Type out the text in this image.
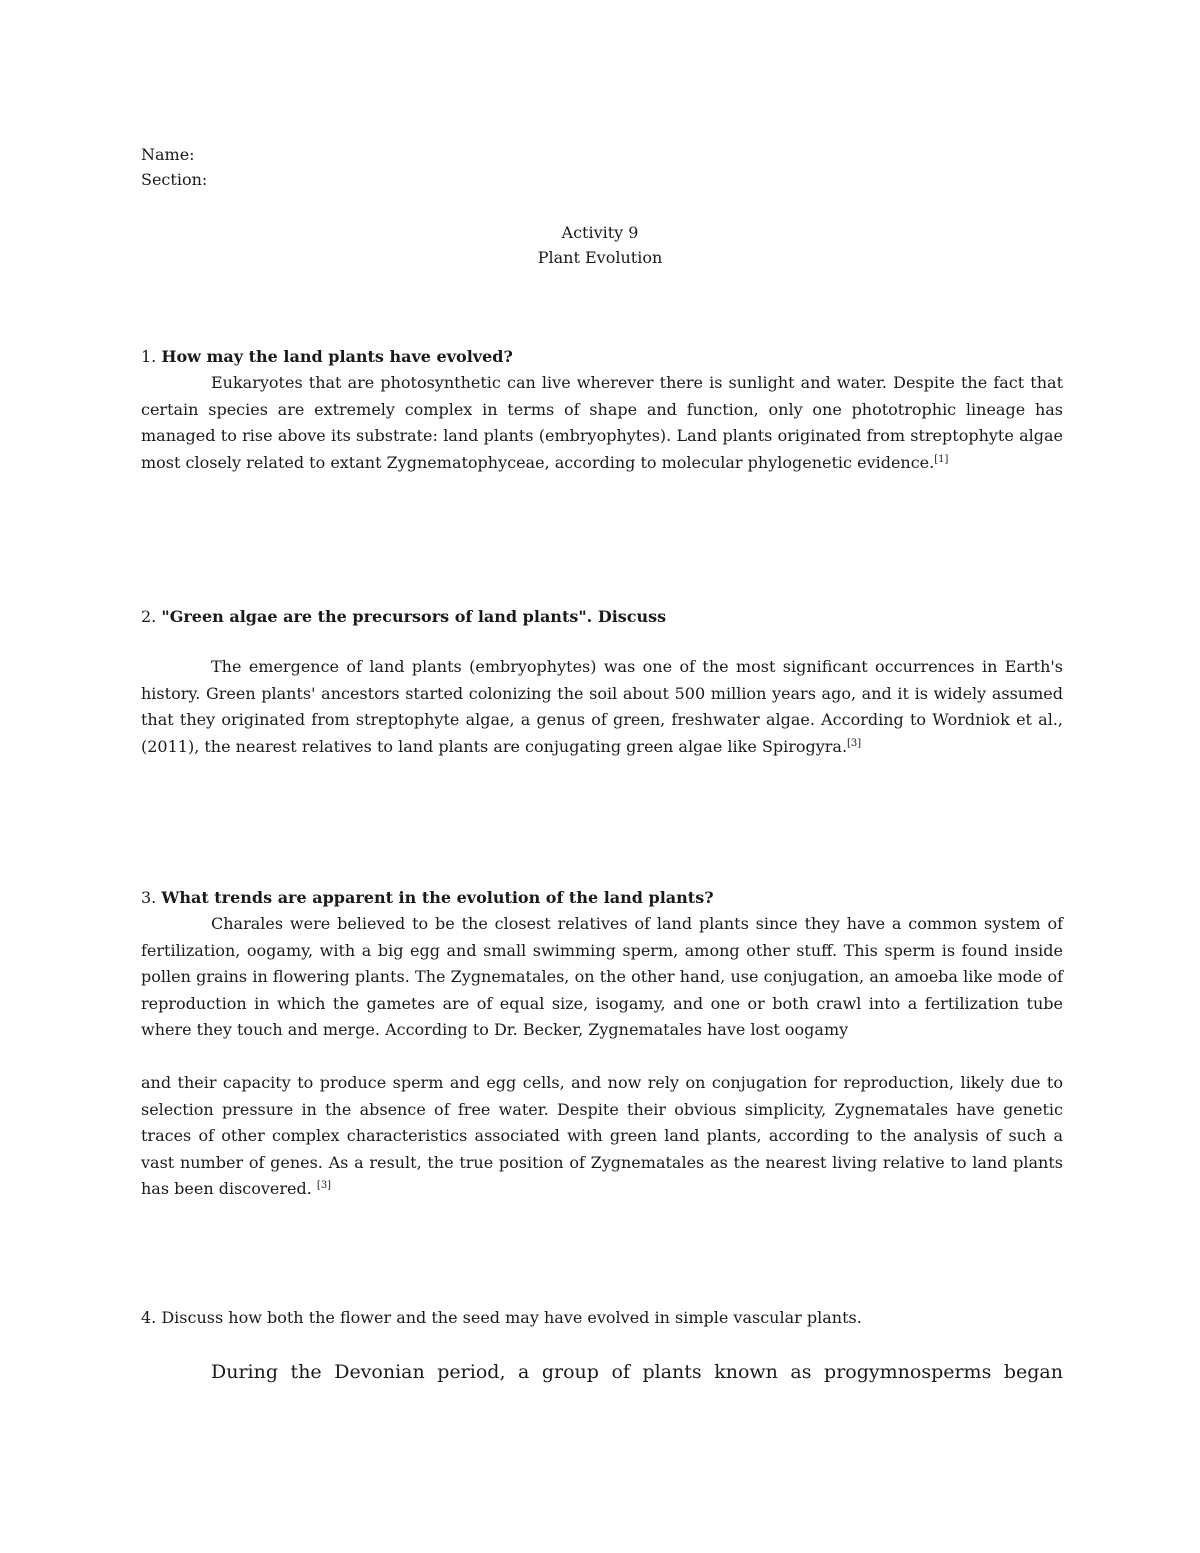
Name:
Section:
Activity 9
Plant Evolution
1. How may the land plants have evolved?
Eukaryotes that are photosynthetic can live wherever there is sunlight and water. Despite the fact that certain species are extremely complex in terms of shape and function, only one phototrophic lineage has managed to rise above its substrate: land plants (embryophytes). Land plants originated from streptophyte algae most closely related to extant Zygnematophyceae, according to molecular phylogenetic evidence.[1]
2. "Green algae are the precursors of land plants". Discuss
The emergence of land plants (embryophytes) was one of the most significant occurrences in Earth's history. Green plants' ancestors started colonizing the soil about 500 million years ago, and it is widely assumed that they originated from streptophyte algae, a genus of green, freshwater algae. According to Wordniok et al., (2011), the nearest relatives to land plants are conjugating green algae like Spirogyra.[3]
3. What trends are apparent in the evolution of the land plants?
Charales were believed to be the closest relatives of land plants since they have a common system of fertilization, oogamy, with a big egg and small swimming sperm, among other stuff. This sperm is found inside pollen grains in flowering plants. The Zygnematales, on the other hand, use conjugation, an amoeba like mode of reproduction in which the gametes are of equal size, isogamy, and one or both crawl into a fertilization tube where they touch and merge. According to Dr. Becker, Zygnematales have lost oogamy
and their capacity to produce sperm and egg cells, and now rely on conjugation for reproduction, likely due to selection pressure in the absence of free water. Despite their obvious simplicity, Zygnematales have genetic traces of other complex characteristics associated with green land plants, according to the analysis of such a vast number of genes. As a result, the true position of Zygnematales as the nearest living relative to land plants has been discovered. [3]
4. Discuss how both the flower and the seed may have evolved in simple vascular plants.
During the Devonian period, a group of plants known as progymnosperms began
